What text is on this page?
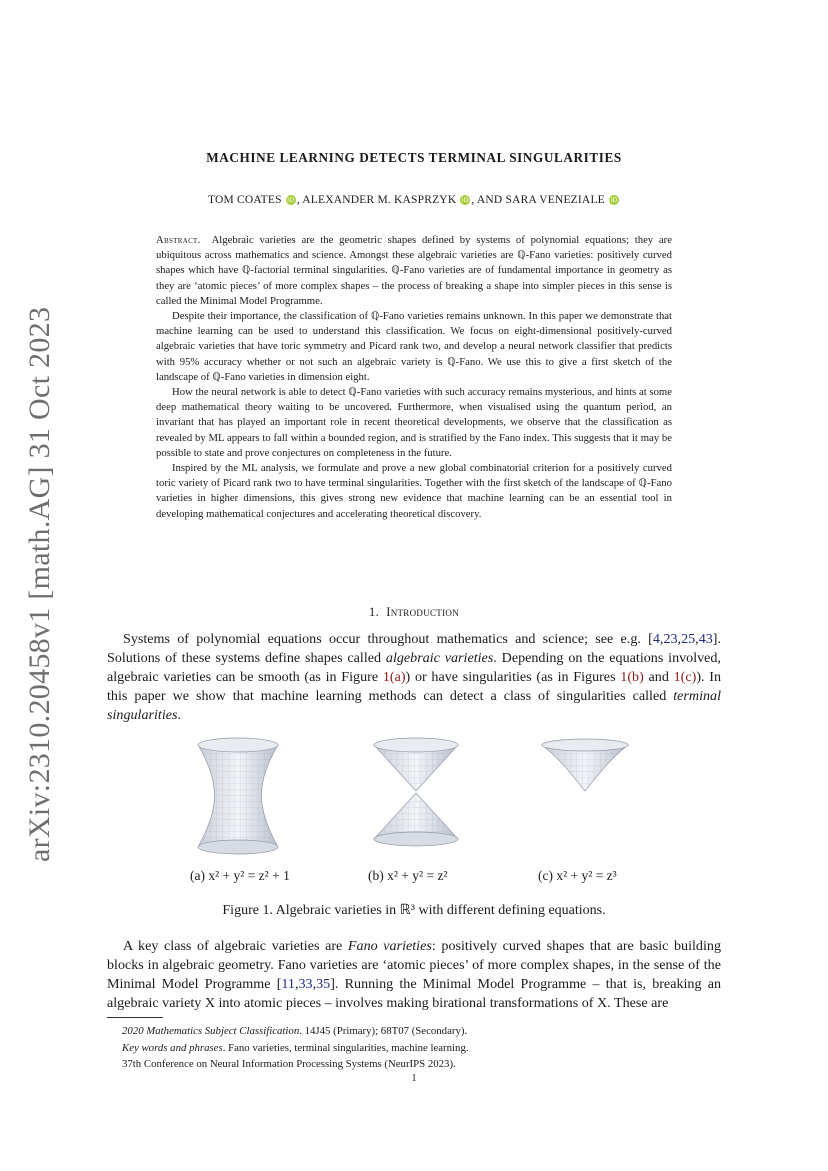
arXiv:2310.20458v1 [math.AG] 31 Oct 2023
MACHINE LEARNING DETECTS TERMINAL SINGULARITIES
TOM COATES iD , ALEXANDER M. KASPRZYK iD , AND SARA VENEZIALE iD

Abstract. Algebraic varieties are the geometric shapes defined by systems of polynomial equations; they are ubiquitous across mathematics and science. Amongst these algebraic varieties are ℚ-Fano varieties: positively curved shapes which have ℚ-factorial terminal singularities. ℚ-Fano varieties are of fundamental importance in geometry as they are ‘atomic pieces’ of more complex shapes – the process of breaking a shape into simpler pieces in this sense is called the Minimal Model Programme.

Despite their importance, the classification of ℚ-Fano varieties remains unknown. In this paper we demonstrate that machine learning can be used to understand this classification. We focus on eight-dimensional positively-curved algebraic varieties that have toric symmetry and Picard rank two, and develop a neural network classifier that predicts with 95% accuracy whether or not such an algebraic variety is ℚ-Fano. We use this to give a first sketch of the landscape of ℚ-Fano varieties in dimension eight.

How the neural network is able to detect ℚ-Fano varieties with such accuracy remains mysterious, and hints at some deep mathematical theory waiting to be uncovered. Furthermore, when visualised using the quantum period, an invariant that has played an important role in recent theoretical developments, we observe that the classification as revealed by ML appears to fall within a bounded region, and is stratified by the Fano index. This suggests that it may be possible to state and prove conjectures on completeness in the future.

Inspired by the ML analysis, we formulate and prove a new global combinatorial criterion for a positively curved toric variety of Picard rank two to have terminal singularities. Together with the first sketch of the landscape of ℚ-Fano varieties in higher dimensions, this gives strong new evidence that machine learning can be an essential tool in developing mathematical conjectures and accelerating theoretical discovery.

1. Introduction

Systems of polynomial equations occur throughout mathematics and science; see e.g. [4,23,25,43]. Solutions of these systems define shapes called algebraic varieties. Depending on the equations involved, algebraic varieties can be smooth (as in Figure 1(a)) or have singularities (as in Figures 1(b) and 1(c)). In this paper we show that machine learning methods can detect a class of singularities called terminal singularities.

(a) x² + y² = z² + 1	(b) x² + y² = z²	(c) x² + y² = z³
Figure 1. Algebraic varieties in ℝ³ with different defining equations.

A key class of algebraic varieties are Fano varieties: positively curved shapes that are basic building blocks in algebraic geometry. Fano varieties are ‘atomic pieces’ of more complex shapes, in the sense of the Minimal Model Programme [11,33,35]. Running the Minimal Model Programme – that is, breaking an algebraic variety X into atomic pieces – involves making birational transformations of X. These are

2020 Mathematics Subject Classification. 14J45 (Primary); 68T07 (Secondary).
Key words and phrases. Fano varieties, terminal singularities, machine learning.
37th Conference on Neural Information Processing Systems (NeurIPS 2023).
1
